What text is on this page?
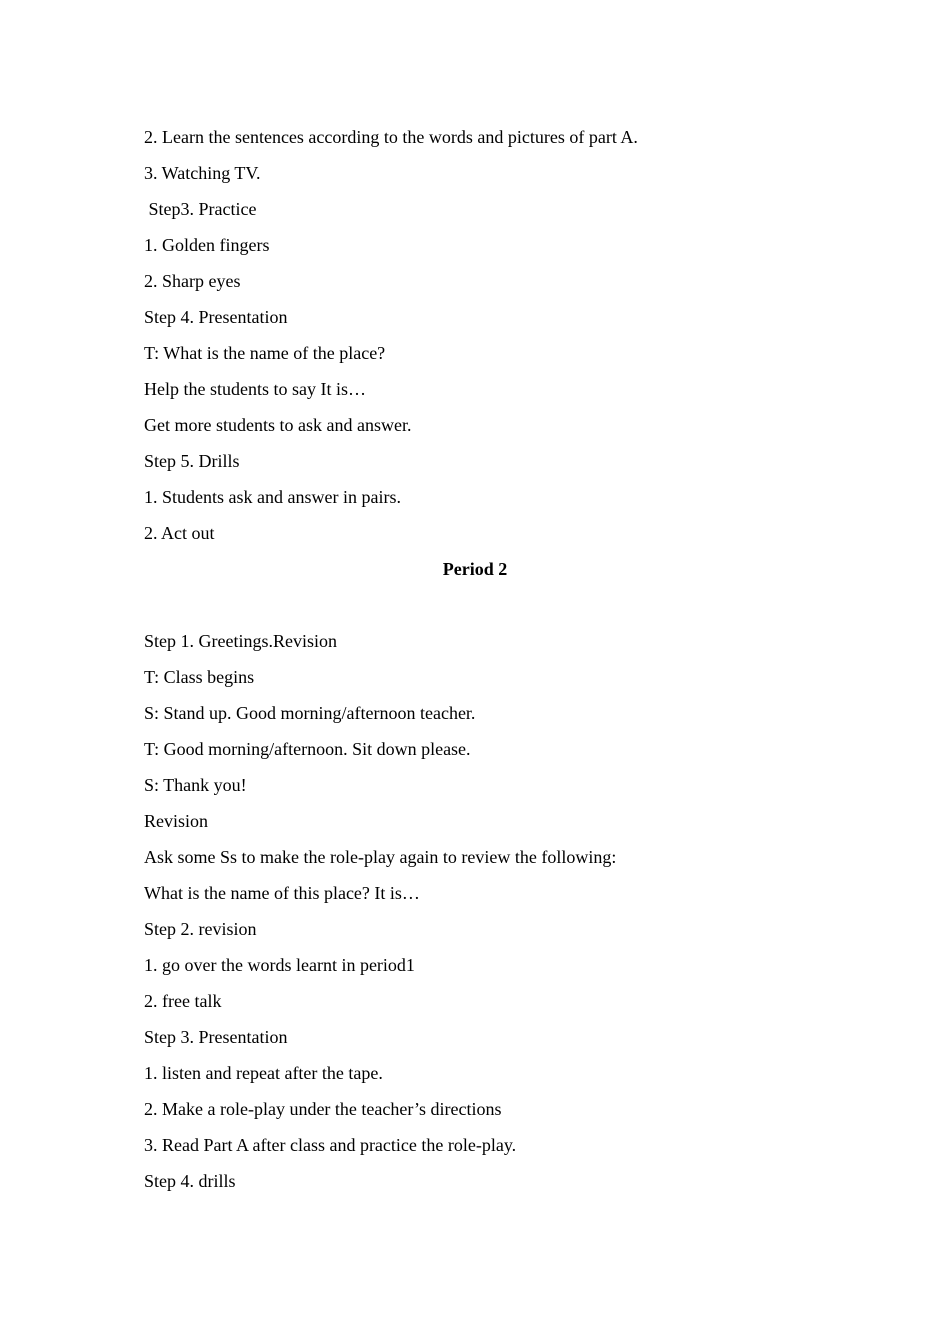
2. Learn the sentences according to the words and pictures of part A.
3. Watching TV.
Step3. Practice
1. Golden fingers
2. Sharp eyes
Step 4. Presentation
T: What is the name of the place?
Help the students to say It is…
Get more students to ask and answer.
Step 5. Drills
1. Students ask and answer in pairs.
2. Act out
Period 2
Step 1. Greetings.Revision
T: Class begins
S: Stand up. Good morning/afternoon teacher.
T: Good morning/afternoon. Sit down please.
S: Thank you!
Revision
Ask some Ss to make the role-play again to review the following:
What is the name of this place? It is…
Step 2. revision
1. go over the words learnt in period1
2. free talk
Step 3. Presentation
1. listen and repeat after the tape.
2. Make a role-play under the teacher’s directions
3. Read Part A after class and practice the role-play.
Step 4. drills
